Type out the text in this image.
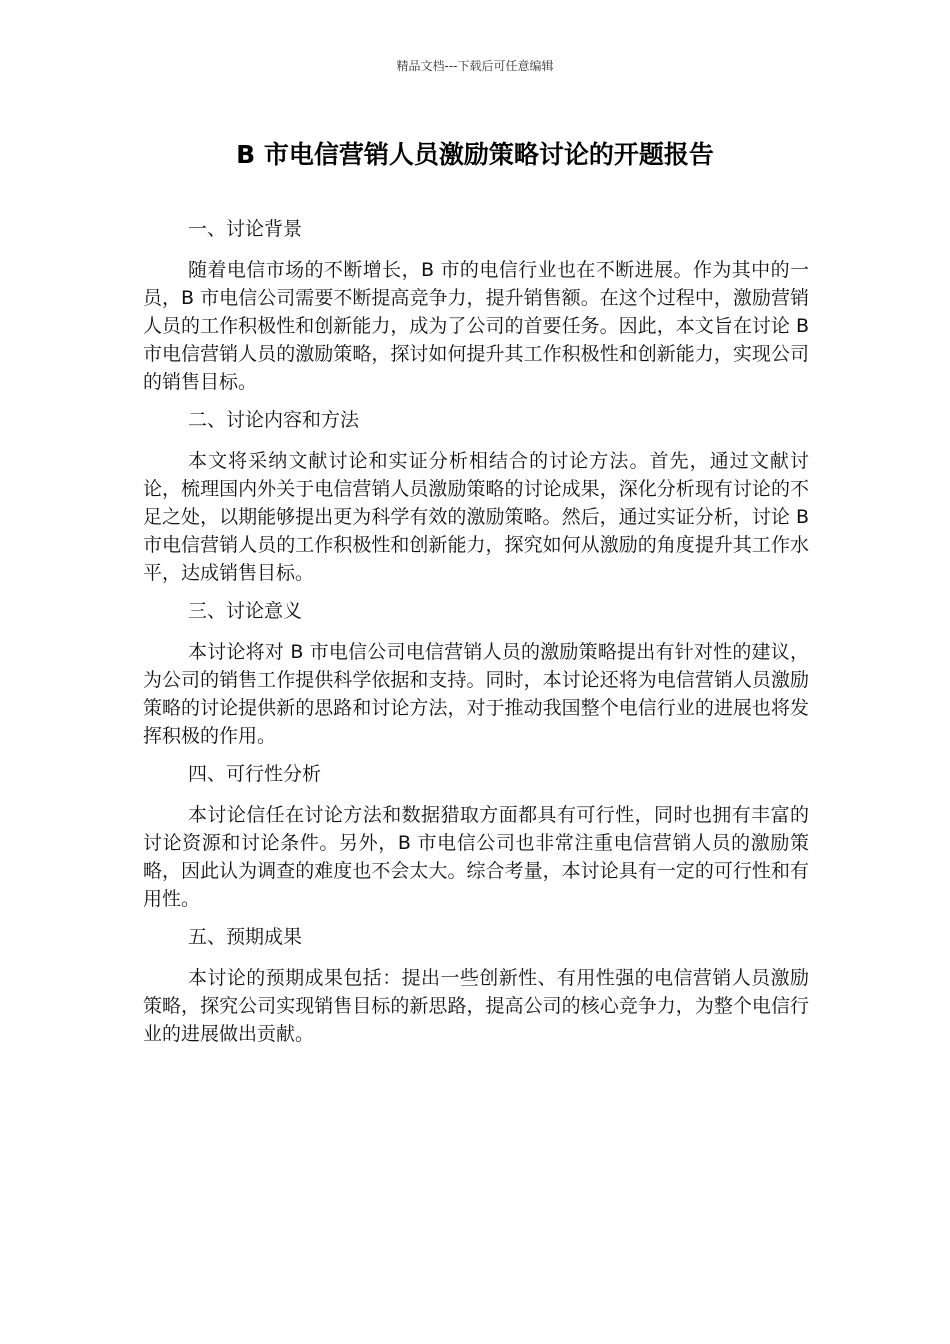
精品文档---下载后可任意编辑
B 市电信营销人员激励策略讨论的开题报告
一、讨论背景
随着电信市场的不断增长，B 市的电信行业也在不断进展。作为其中的一员，B 市电信公司需要不断提高竞争力，提升销售额。在这个过程中，激励营销人员的工作积极性和创新能力，成为了公司的首要任务。因此，本文旨在讨论 B 市电信营销人员的激励策略，探讨如何提升其工作积极性和创新能力，实现公司的销售目标。
二、讨论内容和方法
本文将采纳文献讨论和实证分析相结合的讨论方法。首先，通过文献讨论，梳理国内外关于电信营销人员激励策略的讨论成果，深化分析现有讨论的不足之处，以期能够提出更为科学有效的激励策略。然后，通过实证分析，讨论 B 市电信营销人员的工作积极性和创新能力，探究如何从激励的角度提升其工作水平，达成销售目标。
三、讨论意义
本讨论将对 B 市电信公司电信营销人员的激励策略提出有针对性的建议，为公司的销售工作提供科学依据和支持。同时，本讨论还将为电信营销人员激励策略的讨论提供新的思路和讨论方法，对于推动我国整个电信行业的进展也将发挥积极的作用。
四、可行性分析
本讨论信任在讨论方法和数据猎取方面都具有可行性，同时也拥有丰富的讨论资源和讨论条件。另外，B 市电信公司也非常注重电信营销人员的激励策略，因此认为调查的难度也不会太大。综合考量，本讨论具有一定的可行性和有用性。
五、预期成果
本讨论的预期成果包括：提出一些创新性、有用性强的电信营销人员激励策略，探究公司实现销售目标的新思路，提高公司的核心竞争力，为整个电信行业的进展做出贡献。
